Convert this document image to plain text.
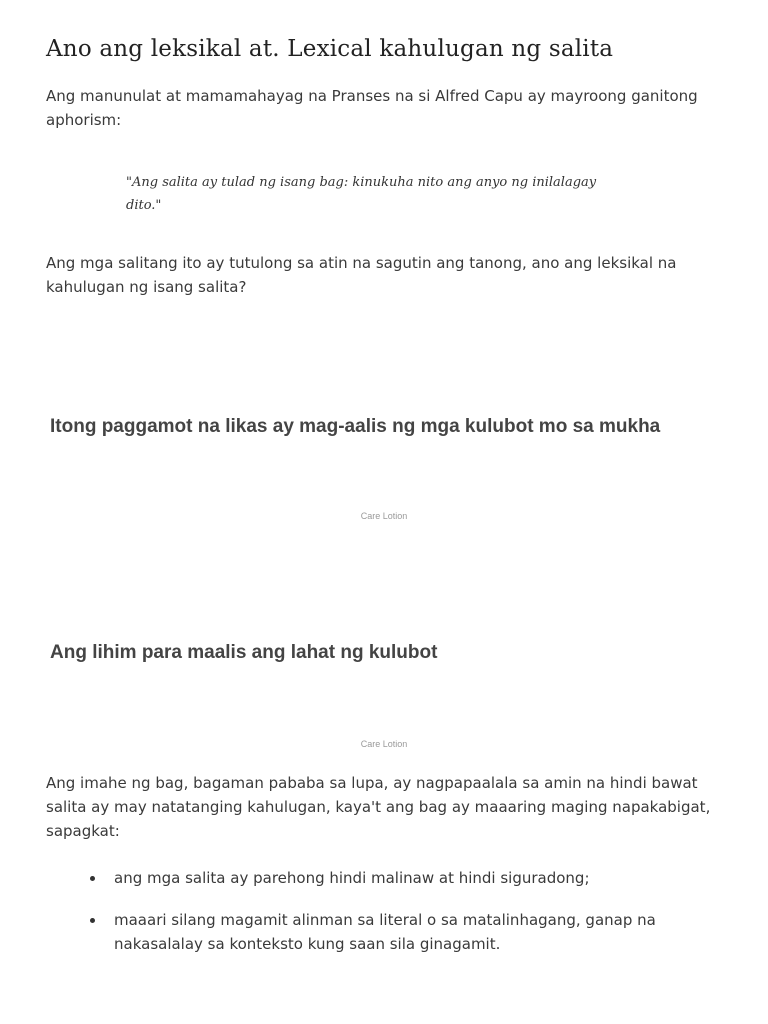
Ano ang leksikal at. Lexical kahulugan ng salita

Ang manunulat at mamamahayag na Pranses na si Alfred Capu ay mayroong ganitong aphorism:

"Ang salita ay tulad ng isang bag: kinukuha nito ang anyo ng inilalagay dito."

Ang mga salitang ito ay tutulong sa atin na sagutin ang tanong, ano ang leksikal na kahulugan ng isang salita?

Itong paggamot na likas ay mag-aalis ng mga kulubot mo sa mukha
Care Lotion
Ang lihim para maalis ang lahat ng kulubot
Care Lotion

Ang imahe ng bag, bagaman pababa sa lupa, ay nagpapaalala sa amin na hindi bawat salita ay may natatanging kahulugan, kaya't ang bag ay maaaring maging napakabigat, sapagkat:

ang mga salita ay parehong hindi malinaw at hindi siguradong;
maaari silang magamit alinman sa literal o sa matalinhagang, ganap na nakasalalay sa konteksto kung saan sila ginagamit.
